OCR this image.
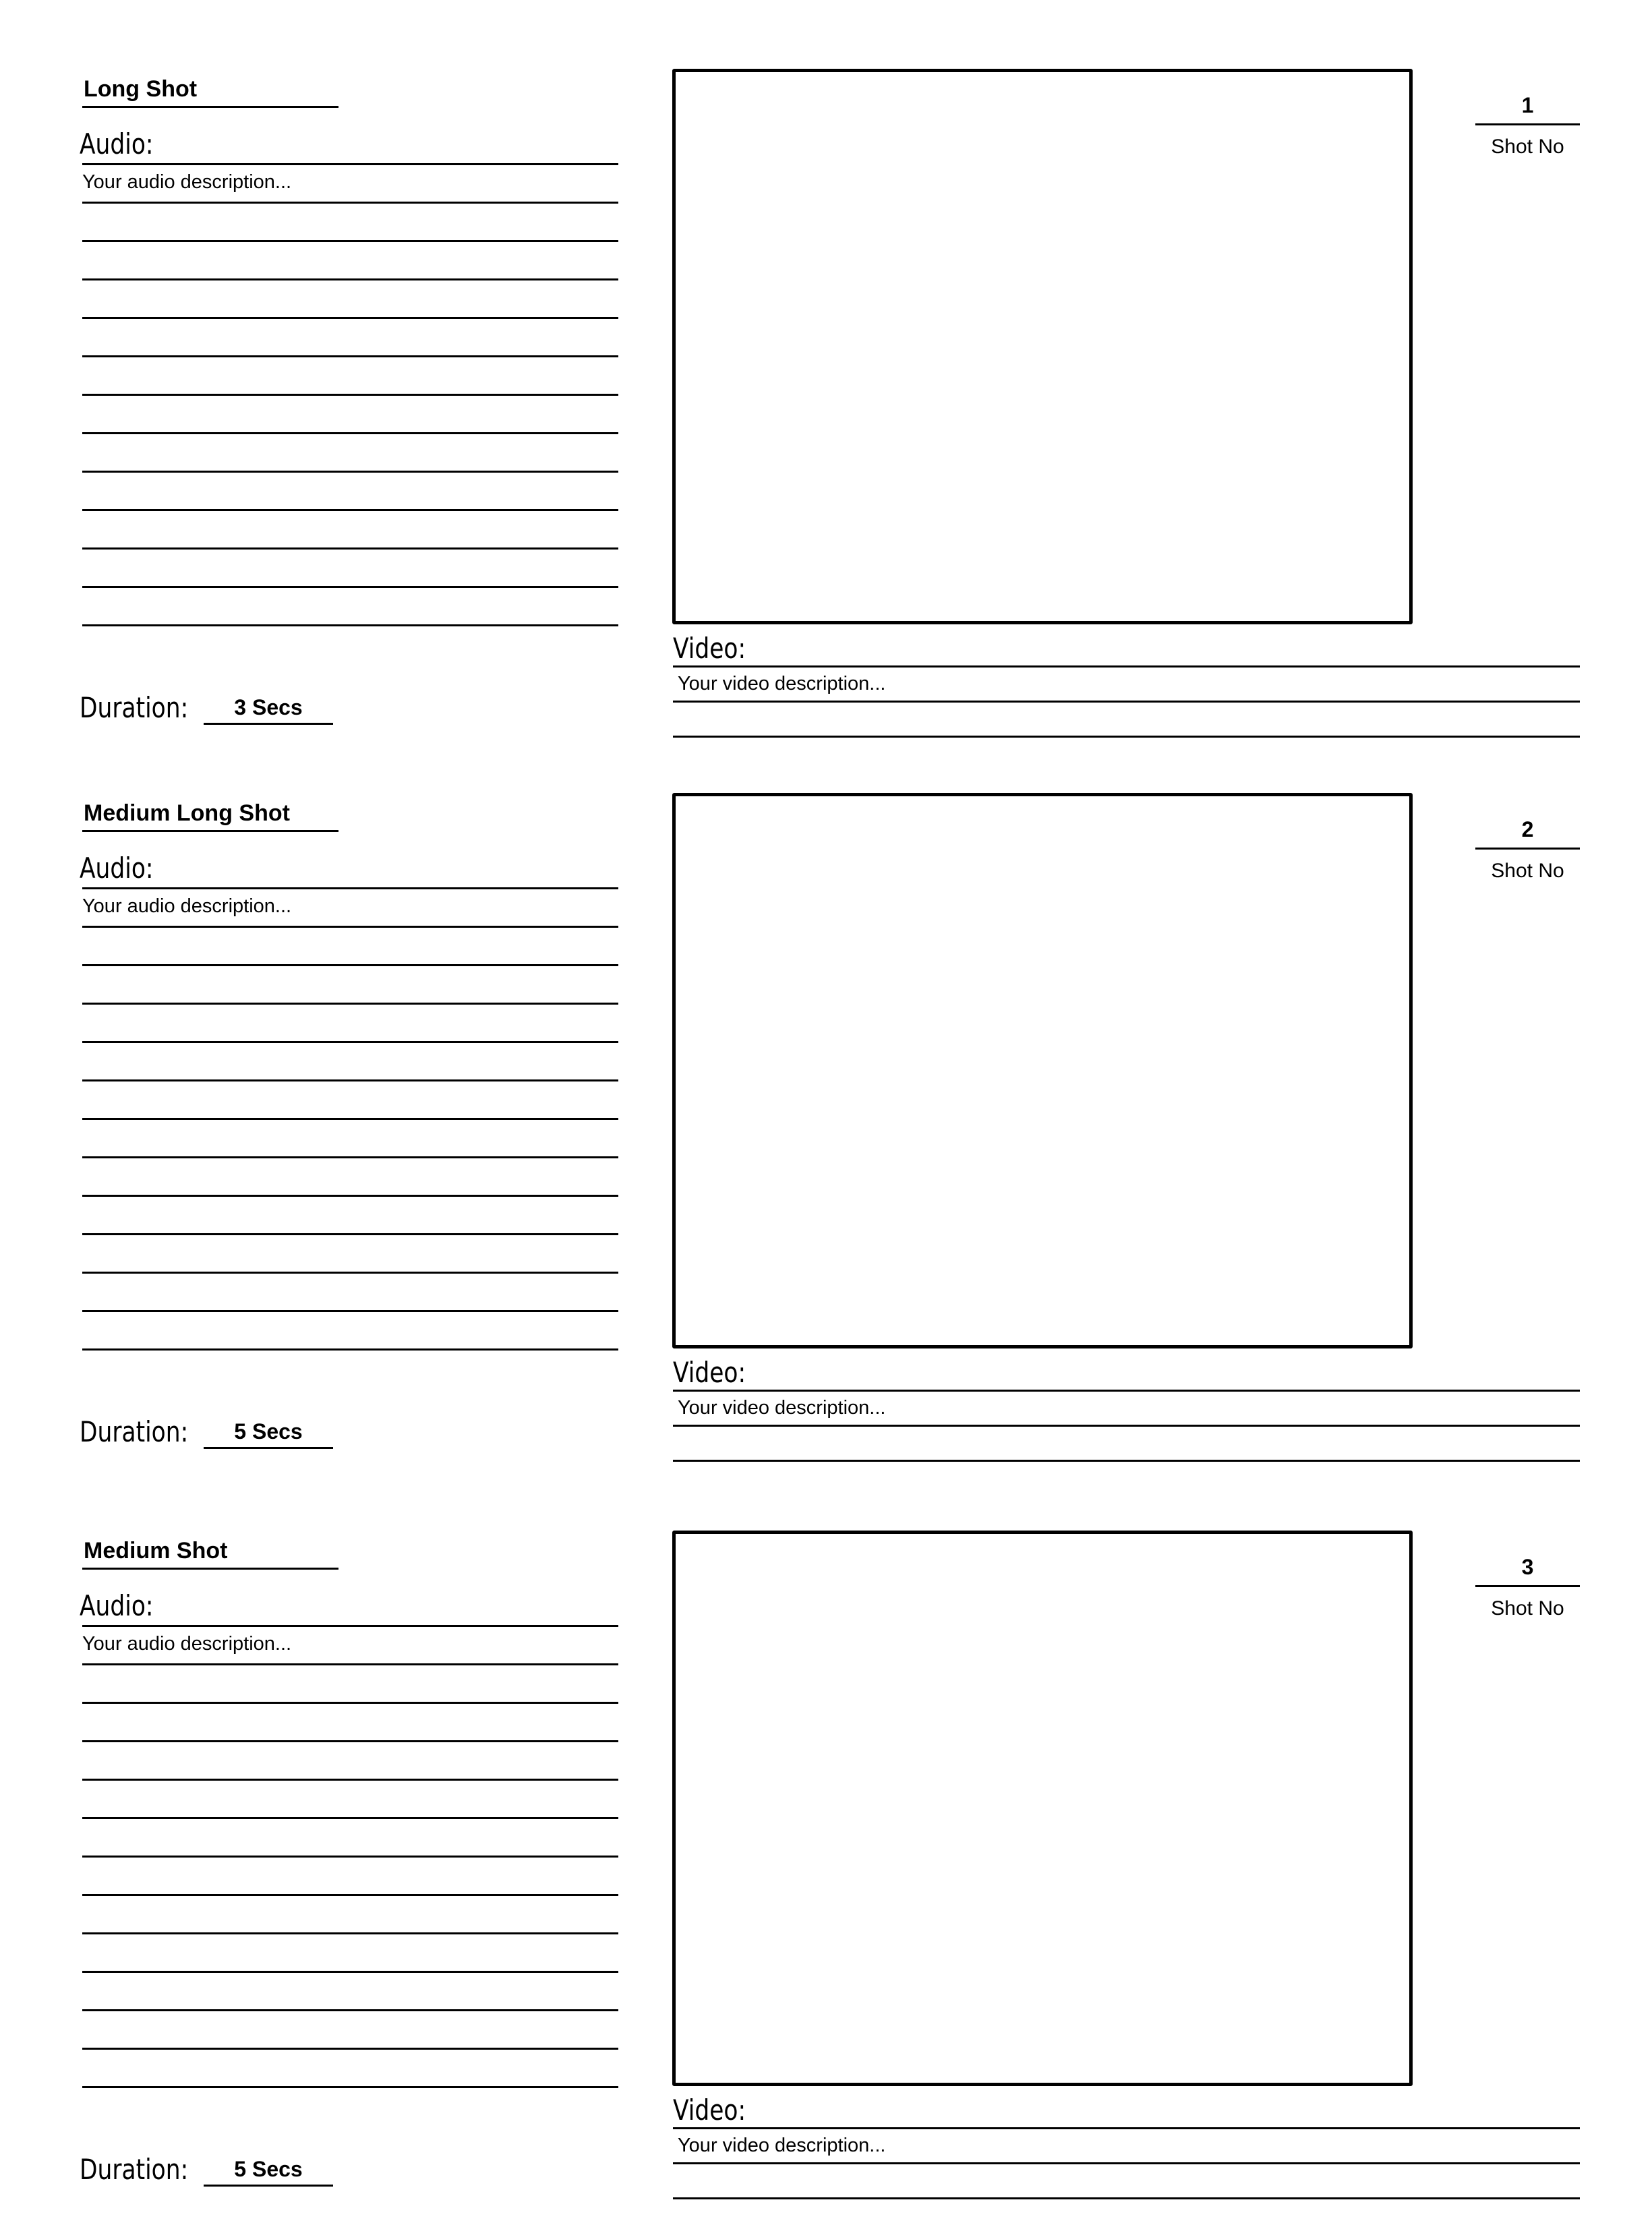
Long Shot
Audio:
Your audio description...
Duration:	3 Secs
Video:
Your video description...
1
Shot No
Medium Long Shot
Audio:
Your audio description...
Duration:	5 Secs
Video:
Your video description...
2
Shot No
Medium Shot
Audio:
Your audio description...
Duration:	5 Secs
Video:
Your video description...
3
Shot No
